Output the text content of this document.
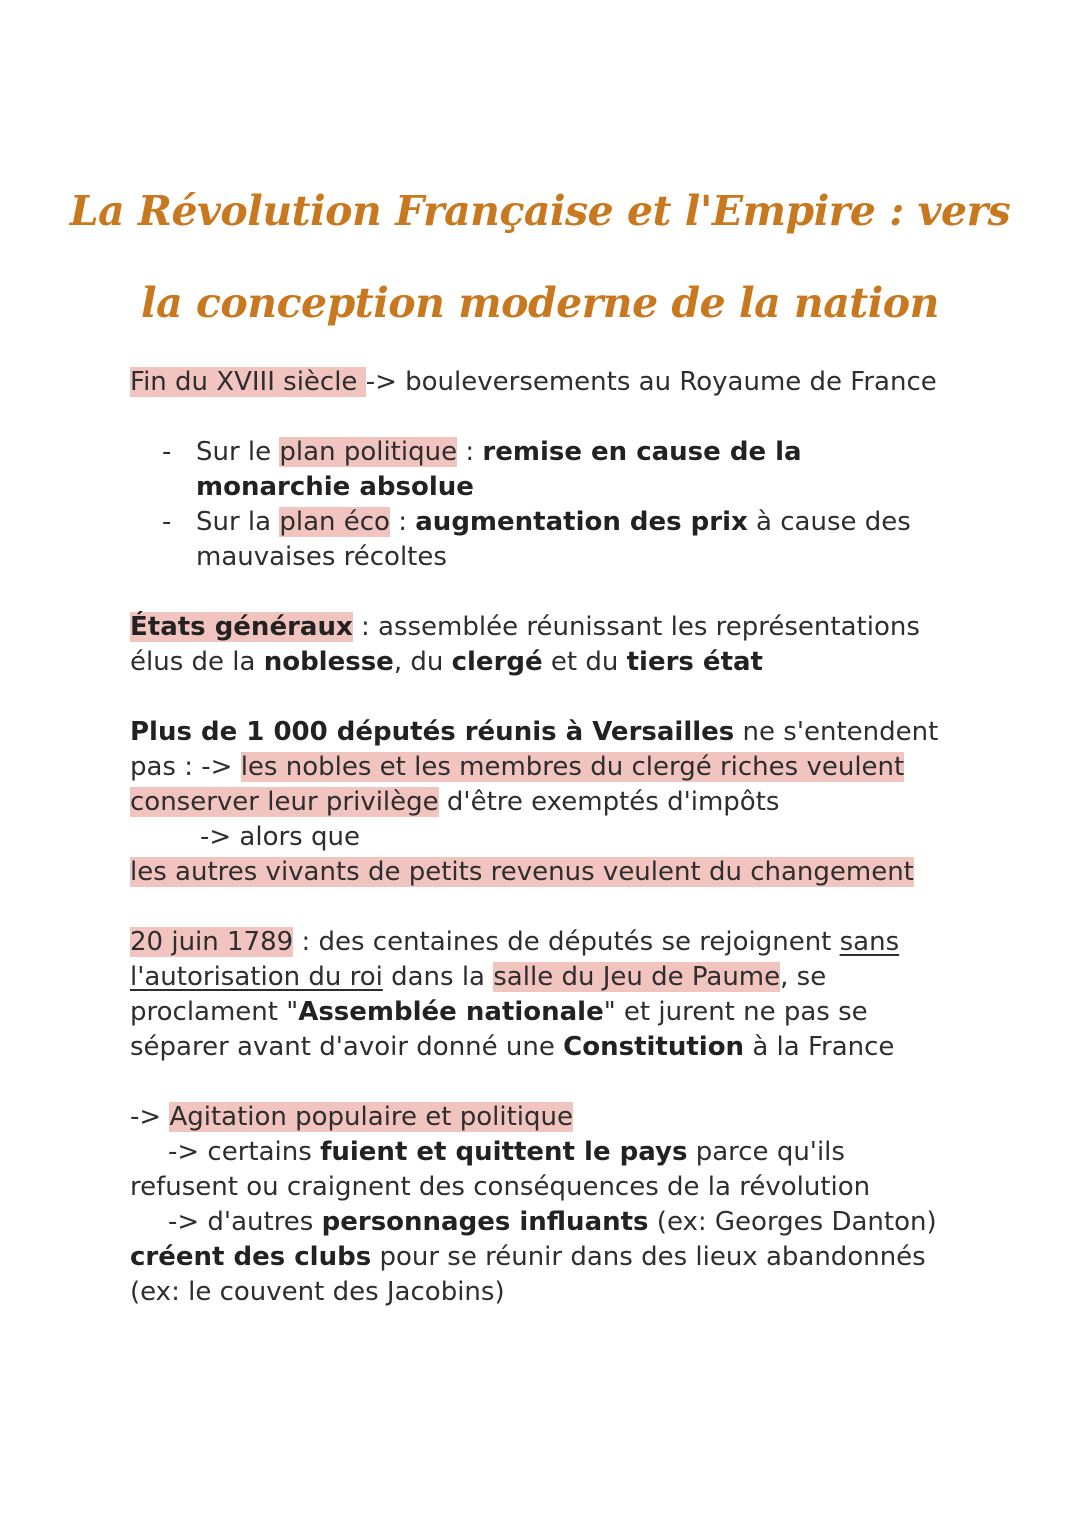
La Révolution Française et l'Empire : vers
la conception moderne de la nation

Fin du XVIII siècle -> bouleversements au Royaume de France

- Sur le plan politique : remise en cause de la monarchie absolue
- Sur la plan éco : augmentation des prix à cause des mauvaises récoltes

États généraux : assemblée réunissant les représentations élus de la noblesse, du clergé et du tiers état

Plus de 1 000 députés réunis à Versailles ne s'entendent pas : -> les nobles et les membres du clergé riches veulent conserver leur privilège d'être exemptés d'impôts
-> alors que
les autres vivants de petits revenus veulent du changement

20 juin 1789 : des centaines de députés se rejoignent sans l'autorisation du roi dans la salle du Jeu de Paume, se proclament "Assemblée nationale" et jurent ne pas se séparer avant d'avoir donné une Constitution à la France

-> Agitation populaire et politique
-> certains fuient et quittent le pays parce qu'ils refusent ou craignent des conséquences de la révolution
-> d'autres personnages influants (ex: Georges Danton) créent des clubs pour se réunir dans des lieux abandonnés (ex: le couvent des Jacobins)
